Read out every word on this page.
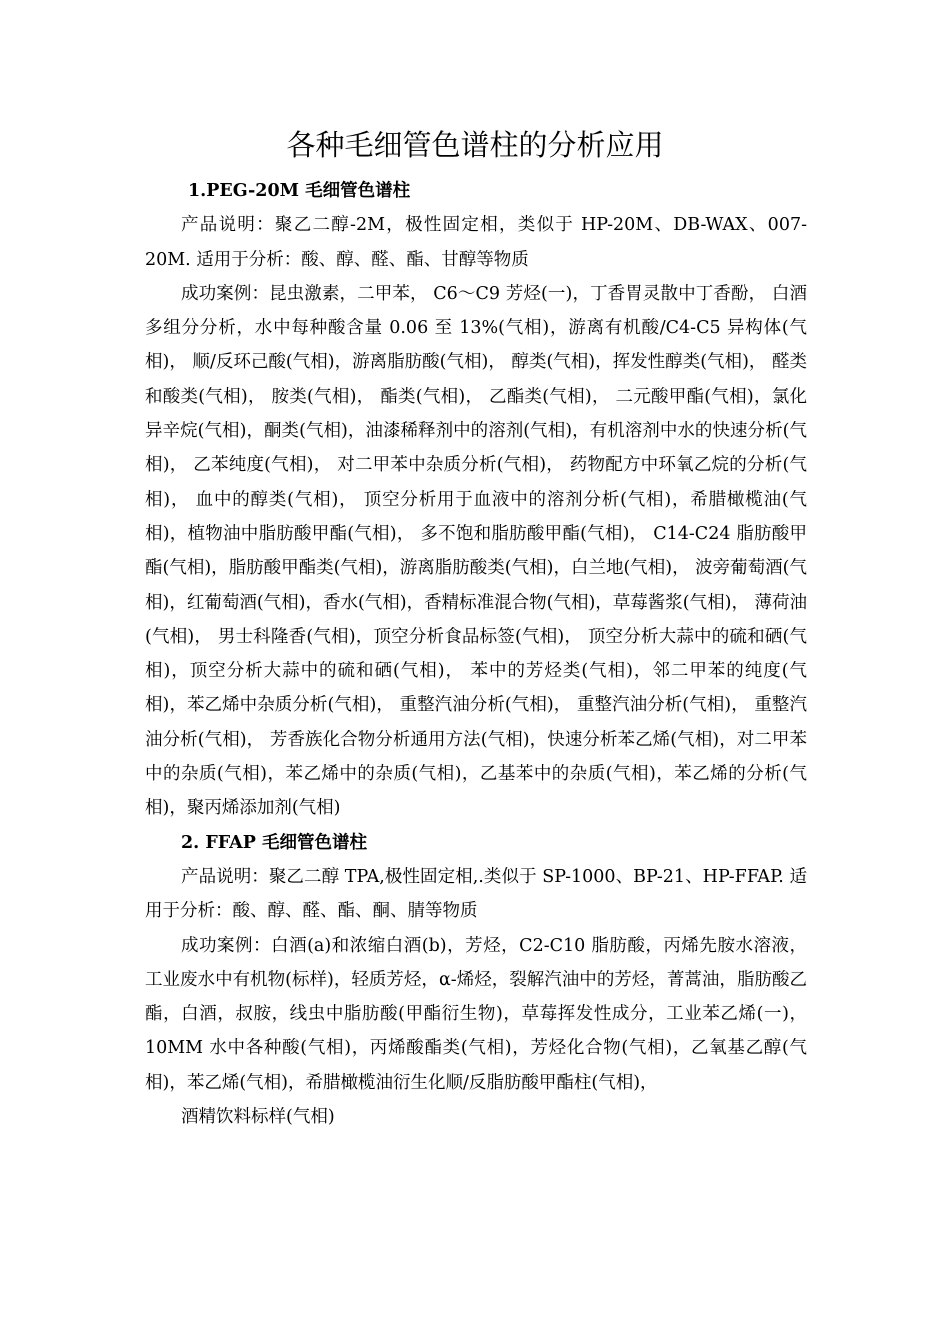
各种毛细管色谱柱的分析应用
1.PEG-20M 毛细管色谱柱

产品说明：聚乙二醇-2M，极性固定相，类似于 HP-20M、DB-WAX、007-20M. 适用于分析：酸、醇、醛、酯、甘醇等物质

成功案例：昆虫激素，二甲苯， C6～C9 芳烃(一)，丁香胃灵散中丁香酚， 白酒多组分分析，水中每种酸含量 0.06 至 13%(气相)，游离有机酸/C4-C5 异构体(气相)， 顺/反环己酸(气相)，游离脂肪酸(气相)， 醇类(气相)，挥发性醇类(气相)， 醛类和酸类(气相)， 胺类(气相)， 酯类(气相)， 乙酯类(气相)， 二元酸甲酯(气相)，氯化异辛烷(气相)，酮类(气相)，油漆稀释剂中的溶剂(气相)，有机溶剂中水的快速分析(气相)， 乙苯纯度(气相)， 对二甲苯中杂质分析(气相)， 药物配方中环氧乙烷的分析(气相)， 血中的醇类(气相)， 顶空分析用于血液中的溶剂分析(气相)，希腊橄榄油(气相)，植物油中脂肪酸甲酯(气相)， 多不饱和脂肪酸甲酯(气相)， C14-C24 脂肪酸甲酯(气相)，脂肪酸甲酯类(气相)，游离脂肪酸类(气相)，白兰地(气相)， 波旁葡萄酒(气相)，红葡萄酒(气相)，香水(气相)，香精标准混合物(气相)，草莓酱浆(气相)， 薄荷油(气相)， 男士科隆香(气相)，顶空分析食品标签(气相)， 顶空分析大蒜中的硫和硒(气相)，顶空分析大蒜中的硫和硒(气相)， 苯中的芳烃类(气相)，邻二甲苯的纯度(气相)，苯乙烯中杂质分析(气相)， 重整汽油分析(气相)， 重整汽油分析(气相)， 重整汽油分析(气相)， 芳香族化合物分析通用方法(气相)，快速分析苯乙烯(气相)，对二甲苯中的杂质(气相)，苯乙烯中的杂质(气相)，乙基苯中的杂质(气相)，苯乙烯的分析(气相)，聚丙烯添加剂(气相)

2. FFAP 毛细管色谱柱

产品说明：聚乙二醇 TPA,极性固定相,.类似于 SP-1000、BP-21、HP-FFAP. 适用于分析：酸、醇、醛、酯、酮、腈等物质

成功案例：白酒(a)和浓缩白酒(b)，芳烃，C2-C10 脂肪酸，丙烯先胺水溶液，工业废水中有机物(标样)，轻质芳烃，α-烯烃，裂解汽油中的芳烃，菁蒿油，脂肪酸乙酯，白酒，叔胺，线虫中脂肪酸(甲酯衍生物)，草莓挥发性成分，工业苯乙烯(一)，10MM 水中各种酸(气相)，丙烯酸酯类(气相)，芳烃化合物(气相)，乙氧基乙醇(气相)，苯乙烯(气相)，希腊橄榄油衍生化顺/反脂肪酸甲酯柱(气相)，

酒精饮料标样(气相)
